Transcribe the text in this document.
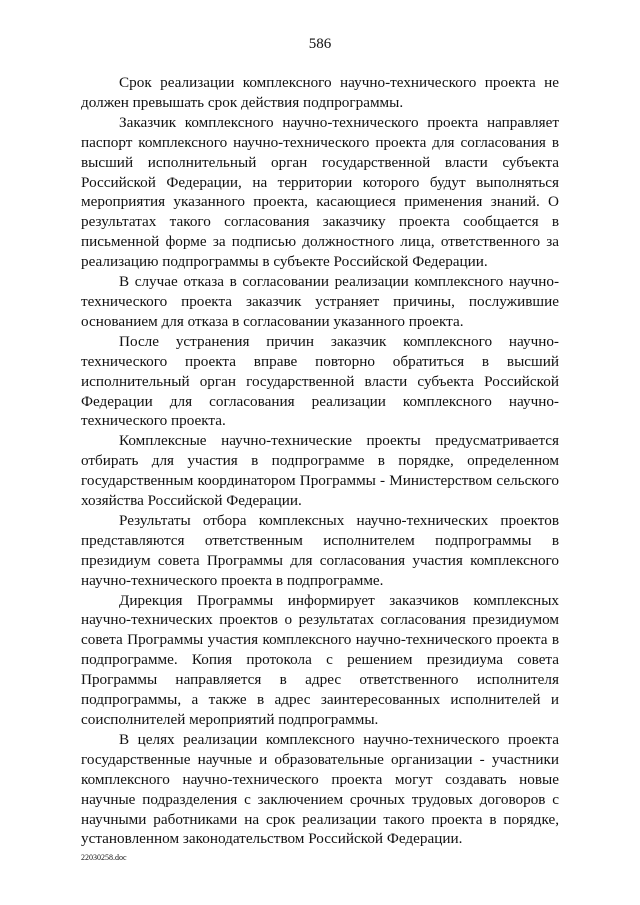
586

Срок реализации комплексного научно-технического проекта не должен превышать срок действия подпрограммы.

Заказчик комплексного научно-технического проекта направляет паспорт комплексного научно-технического проекта для согласования в высший исполнительный орган государственной власти субъекта Российской Федерации, на территории которого будут выполняться мероприятия указанного проекта, касающиеся применения знаний. О результатах такого согласования заказчику проекта сообщается в письменной форме за подписью должностного лица, ответственного за реализацию подпрограммы в субъекте Российской Федерации.

В случае отказа в согласовании реализации комплексного научно-технического проекта заказчик устраняет причины, послужившие основанием для отказа в согласовании указанного проекта.

После устранения причин заказчик комплексного научно-технического проекта вправе повторно обратиться в высший исполнительный орган государственной власти субъекта Российской Федерации для согласования реализации комплексного научно-технического проекта.

Комплексные научно-технические проекты предусматривается отбирать для участия в подпрограмме в порядке, определенном государственным координатором Программы - Министерством сельского хозяйства Российской Федерации.

Результаты отбора комплексных научно-технических проектов представляются ответственным исполнителем подпрограммы в президиум совета Программы для согласования участия комплексного научно-технического проекта в подпрограмме.

Дирекция Программы информирует заказчиков комплексных научно-технических проектов о результатах согласования президиумом совета Программы участия комплексного научно-технического проекта в подпрограмме. Копия протокола с решением президиума совета Программы направляется в адрес ответственного исполнителя подпрограммы, а также в адрес заинтересованных исполнителей и соисполнителей мероприятий подпрограммы.

В целях реализации комплексного научно-технического проекта государственные научные и образовательные организации - участники комплексного научно-технического проекта могут создавать новые научные подразделения с заключением срочных трудовых договоров с научными работниками на срок реализации такого проекта в порядке, установленном законодательством Российской Федерации.

22030258.doc
